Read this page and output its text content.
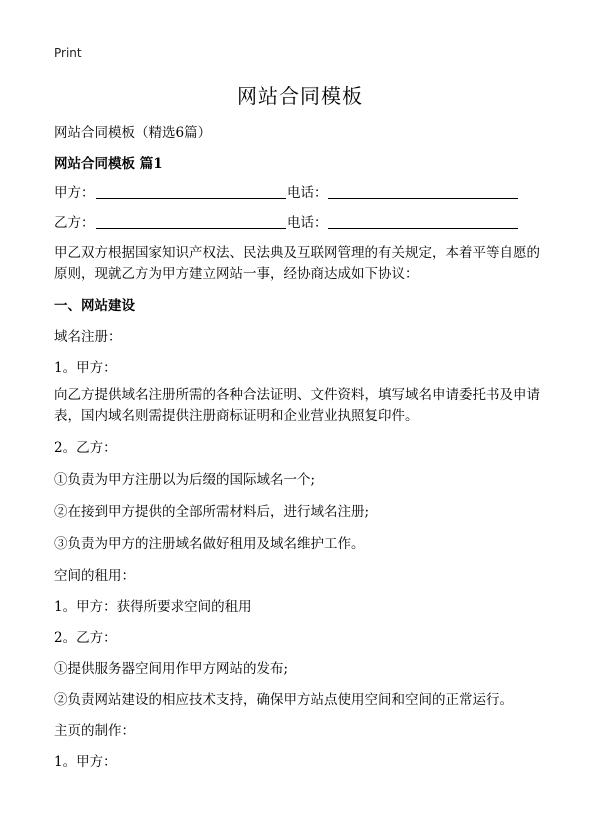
Print
网站合同模板
网站合同模板（精选6篇）
网站合同模板 篇1
甲方：	电话：
乙方：	电话：
甲乙双方根据国家知识产权法、民法典及互联网管理的有关规定，本着平等自愿的原则，现就乙方为甲方建立网站一事，经协商达成如下协议：
一、网站建设
域名注册：
1。甲方：
向乙方提供域名注册所需的各种合法证明、文件资料，填写域名申请委托书及申请表，国内域名则需提供注册商标证明和企业营业执照复印件。
2。乙方：
①负责为甲方注册以为后缀的国际域名一个;
②在接到甲方提供的全部所需材料后，进行域名注册;
③负责为甲方的注册域名做好租用及域名维护工作。
空间的租用：
1。甲方：获得所要求空间的租用
2。乙方：
①提供服务器空间用作甲方网站的发布;
②负责网站建设的相应技术支持，确保甲方站点使用空间和空间的正常运行。
主页的制作：
1。甲方：
